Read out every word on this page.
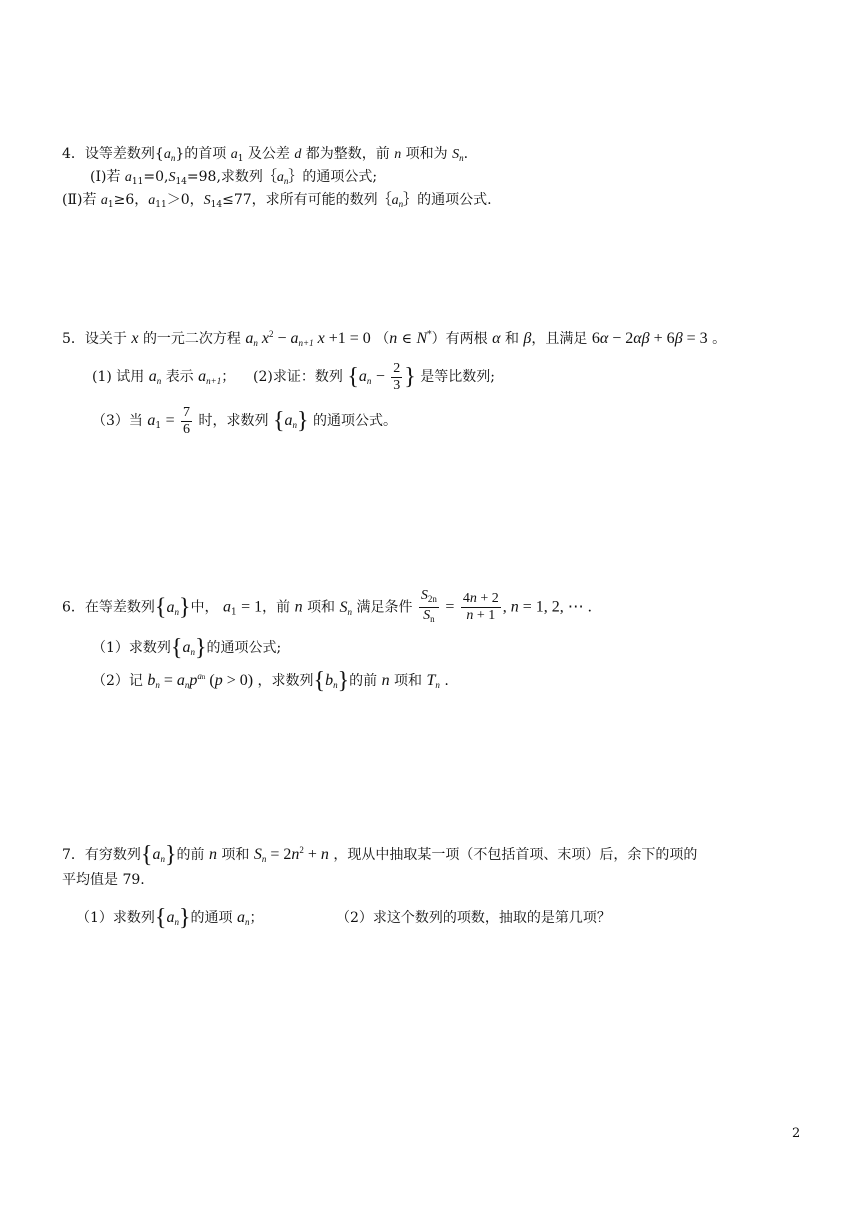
4．设等差数列$\{a_n\}$的首项 $a_1$ 及公差 d 都为整数，前 n 项和为 $S_n$.
(Ⅰ)若 $a_{11}=0,S_{14}=98$,求数列$\{a_n\}$的通项公式;
(Ⅱ)若 $a_1\ge 6$，$a_{11}>0$，$S_{14}\le 77$，求所有可能的数列$\{a_n\}$的通项公式.
5．设关于 x 的一元二次方程 $a_n$ $x^2 - a_{n+1}$ x +1 = 0 （n ∈ N*）有两根 α 和 β，且满足 6α − 2αβ + 6β = 3 。
(1) 试用 $a_n$ 表示 $a_{n+1}$；    (2)求证：数列 {$a_n - \frac{2}{3}$ } 是等比数列;
（3）当 $a_1 = \frac{7}{6}$ 时，求数列 $\{a_n\}$ 的通项公式。
6．在等差数列$\{a_n\}$中， $a_1 = 1$，前 n 项和 $S_n$ 满足条件 $\frac{S_{2n}}{S_n} = \frac{4n + 2}{n + 1}$ , n = 1, 2, ⋯ .
（1）求数列$\{a_n\}$的通项公式;
（2）记 $b_n = a_np^{an}$ (p > 0) ，求数列$\{b_n\}$的前 n 项和 $T_n$ .
7．有穷数列$\{a_n\}$的前 n 项和 $S_n = 2n^2 + n$ ，现从中抽取某一项（不包括首项、末项）后，余下的项的
平均值是 79.
（1）求数列$\{a_n\}$的通项 $a_n$；	（2）求这个数列的项数，抽取的是第几项？
2
